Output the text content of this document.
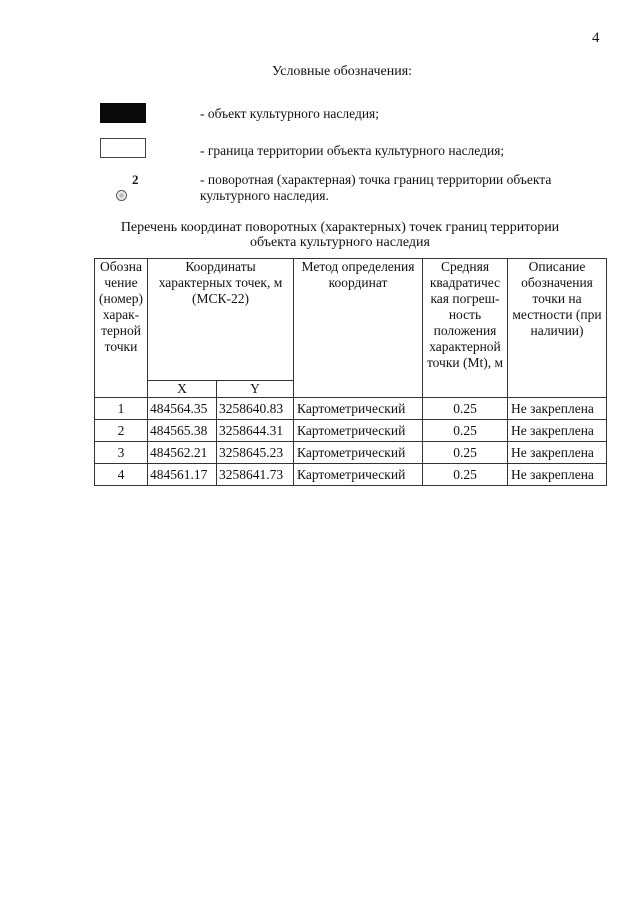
4
Условные обозначения:
- объект культурного наследия;
- граница территории объекта культурного наследия;
2	- поворотная (характерная) точка границ территории объекта культурного наследия.
Перечень координат поворотных (характерных) точек границ территории объекта культурного наследия
Обозна чение (номер) харак- терной точки	Координаты характерных точек, м (МСК-22)		Метод определения координат	Средняя квадратичес кая погреш- ность положения характерной точки (Mt), м	Описание обозначения точки на местности (при наличии)
	X	Y			
1	484564.35	3258640.83	Картометрический	0.25	Не закреплена
2	484565.38	3258644.31	Картометрический	0.25	Не закреплена
3	484562.21	3258645.23	Картометрический	0.25	Не закреплена
4	484561.17	3258641.73	Картометрический	0.25	Не закреплена
